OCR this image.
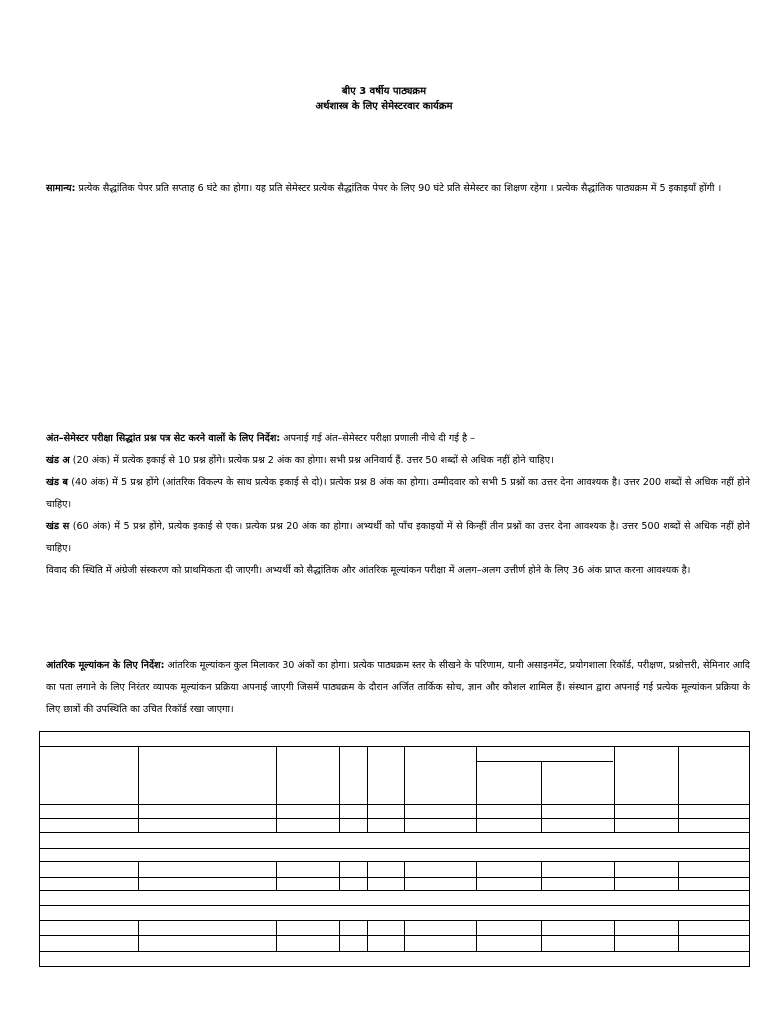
बीए 3 वर्षीय पाठ्यक्रम
अर्थशास्त्र के लिए सेमेस्टरवार कार्यक्रम
सामान्य: प्रत्येक सैद्धांतिक पेपर प्रति सप्ताह 6 घंटे का होगा। यह प्रति सेमेस्टर प्रत्येक सैद्धांतिक पेपर के लिए 90 घंटे प्रति सेमेस्टर का शिक्षण रहेगा । प्रत्येक सैद्धांतिक पाठ्यक्रम में 5 इकाइयाँ होंगी ।
अंत–सेमेस्टर परीक्षा सिद्धांत प्रश्न पत्र सेट करने वालों के लिए निर्देश: अपनाई गई अंत–सेमेस्टर परीक्षा प्रणाली नीचे दी गई है –
खंड अ (20 अंक) में प्रत्येक इकाई से 10 प्रश्न होंगे। प्रत्येक प्रश्न 2 अंक का होगा। सभी प्रश्न अनिवार्य हैं. उत्तर 50 शब्दों से अधिक नहीं होने चाहिए।
खंड ब (40 अंक) में 5 प्रश्न होंगे (आंतरिक विकल्प के साथ प्रत्येक इकाई से दो)। प्रत्येक प्रश्न 8 अंक का होगा। उम्मीदवार को सभी 5 प्रश्नों का उत्तर देना आवश्यक है। उत्तर 200 शब्दों से अधिक नहीं होने चाहिए।
खंड स (60 अंक) में 5 प्रश्न होंगे, प्रत्येक इकाई से एक। प्रत्येक प्रश्न 20 अंक का होगा। अभ्यर्थी को पाँच इकाइयों में से किन्हीं तीन प्रश्नों का उत्तर देना आवश्यक है। उत्तर 500 शब्दों से अधिक नहीं होने चाहिए।
विवाद की स्थिति में अंग्रेजी संस्करण को प्राथमिकता दी जाएगी। अभ्यर्थी को सैद्धांतिक और आंतरिक मूल्यांकन परीक्षा में अलग–अलग उत्तीर्ण होने के लिए 36 अंक प्राप्त करना आवश्यक है।
आंतरिक मूल्यांकन के लिए निर्देश: आंतरिक मूल्यांकन कुल मिलाकर 30 अंकों का होगा। प्रत्येक पाठ्यक्रम स्तर के सीखने के परिणाम, यानी असाइनमेंट, प्रयोगशाला रिकॉर्ड, परीक्षण, प्रश्नोत्तरी, सेमिनार आदि का पता लगाने के लिए निरंतर व्यापक मूल्यांकन प्रक्रिया अपनाई जाएगी जिसमें पाठ्यक्रम के दौरान अर्जित तार्किक सोच, ज्ञान और कौशल शामिल हैं। संस्थान द्वारा अपनाई गई प्रत्येक मूल्यांकन प्रक्रिया के लिए छात्रों की उपस्थिति का उचित रिकॉर्ड रखा जाएगा।
